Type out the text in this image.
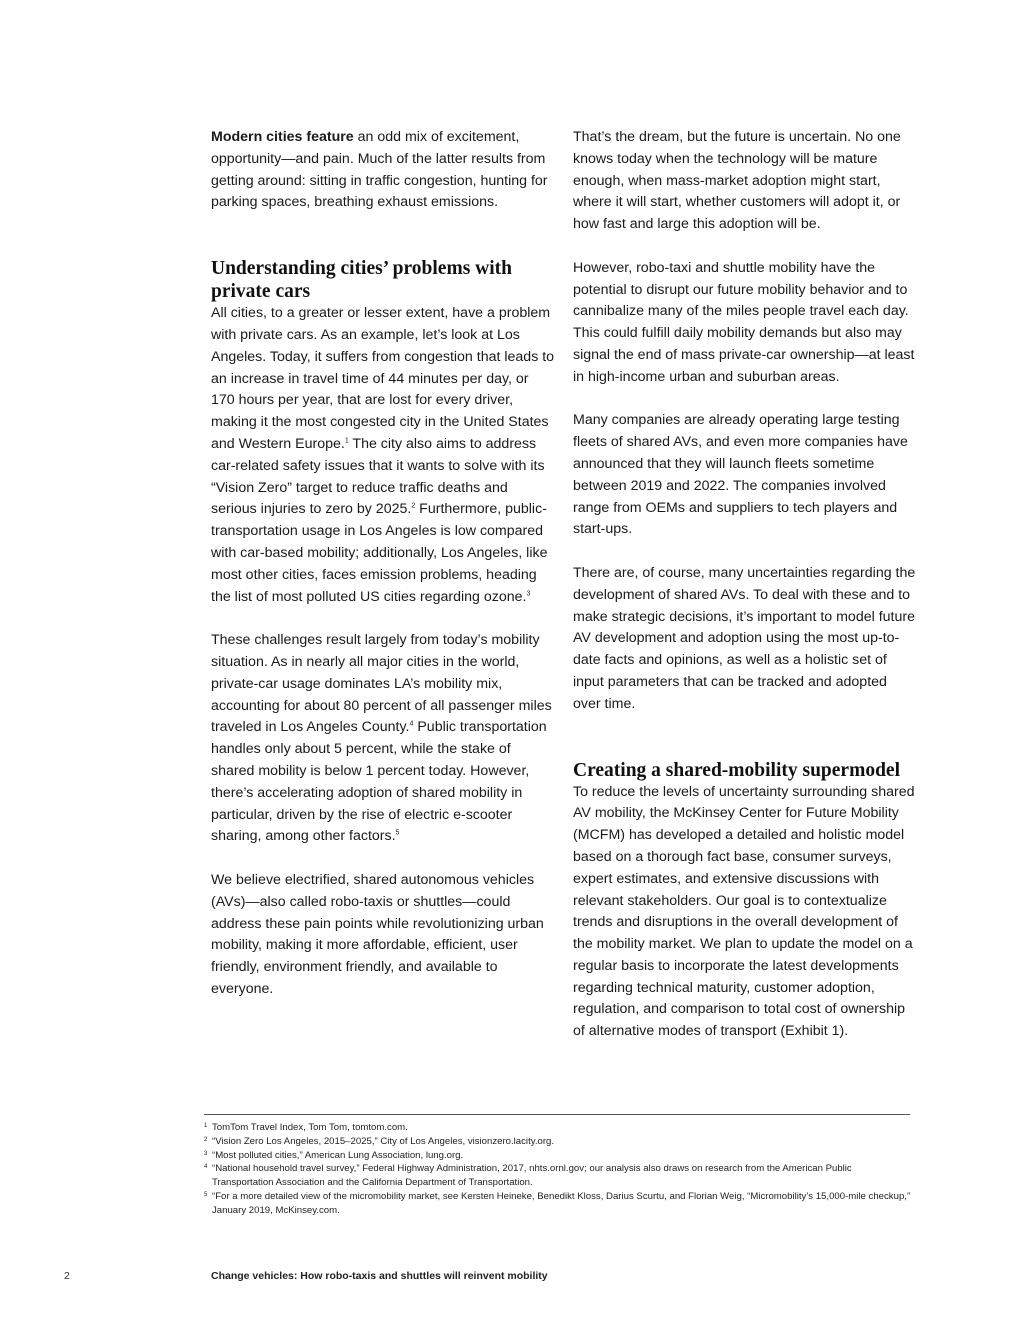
Modern cities feature an odd mix of excitement, opportunity—and pain. Much of the latter results from getting around: sitting in traffic congestion, hunting for parking spaces, breathing exhaust emissions.

Understanding cities’ problems with private cars

All cities, to a greater or lesser extent, have a problem with private cars. As an example, let’s look at Los Angeles. Today, it suffers from congestion that leads to an increase in travel time of 44 minutes per day, or 170 hours per year, that are lost for every driver, making it the most congested city in the United States and Western Europe.$^1$ The city also aims to address car-related safety issues that it wants to solve with its “Vision Zero” target to reduce traffic deaths and serious injuries to zero by 2025.$^2$ Furthermore, public-transportation usage in Los Angeles is low compared with car-based mobility; additionally, Los Angeles, like most other cities, faces emission problems, heading the list of most polluted US cities regarding ozone.$^3$

These challenges result largely from today’s mobility situation. As in nearly all major cities in the world, private-car usage dominates LA’s mobility mix, accounting for about 80 percent of all passenger miles traveled in Los Angeles County.$^4$ Public transportation handles only about 5 percent, while the stake of shared mobility is below 1 percent today. However, there’s accelerating adoption of shared mobility in particular, driven by the rise of electric e-scooter sharing, among other factors.$^5$

We believe electrified, shared autonomous vehicles (AVs)—also called robo-taxis or shuttles—could address these pain points while revolutionizing urban mobility, making it more affordable, efficient, user friendly, environment friendly, and available to everyone.

That’s the dream, but the future is uncertain. No one knows today when the technology will be mature enough, when mass-market adoption might start, where it will start, whether customers will adopt it, or how fast and large this adoption will be.

However, robo-taxi and shuttle mobility have the potential to disrupt our future mobility behavior and to cannibalize many of the miles people travel each day. This could fulfill daily mobility demands but also may signal the end of mass private-car ownership—at least in high-income urban and suburban areas.

Many companies are already operating large testing fleets of shared AVs, and even more companies have announced that they will launch fleets sometime between 2019 and 2022. The companies involved range from OEMs and suppliers to tech players and start-ups.

There are, of course, many uncertainties regarding the development of shared AVs. To deal with these and to make strategic decisions, it’s important to model future AV development and adoption using the most up-to-date facts and opinions, as well as a holistic set of input parameters that can be tracked and adopted over time.

Creating a shared-mobility supermodel

To reduce the levels of uncertainty surrounding shared AV mobility, the McKinsey Center for Future Mobility (MCFM) has developed a detailed and holistic model based on a thorough fact base, consumer surveys, expert estimates, and extensive discussions with relevant stakeholders. Our goal is to contextualize trends and disruptions in the overall development of the mobility market. We plan to update the model on a regular basis to incorporate the latest developments regarding technical maturity, customer adoption, regulation, and comparison to total cost of ownership of alternative modes of transport (Exhibit 1).

1 TomTom Travel Index, Tom Tom, tomtom.com.
2 “Vision Zero Los Angeles, 2015–2025,” City of Los Angeles, visionzero.lacity.org.
3 “Most polluted cities,” American Lung Association, lung.org.
4 “National household travel survey,” Federal Highway Administration, 2017, nhts.ornl.gov; our analysis also draws on research from the American Public Transportation Association and the California Department of Transportation.
5 “For a more detailed view of the micromobility market, see Kersten Heineke, Benedikt Kloss, Darius Scurtu, and Florian Weig, “Micromobility’s 15,000-mile checkup,” January 2019, McKinsey.com.
2	Change vehicles: How robo-taxis and shuttles will reinvent mobility
